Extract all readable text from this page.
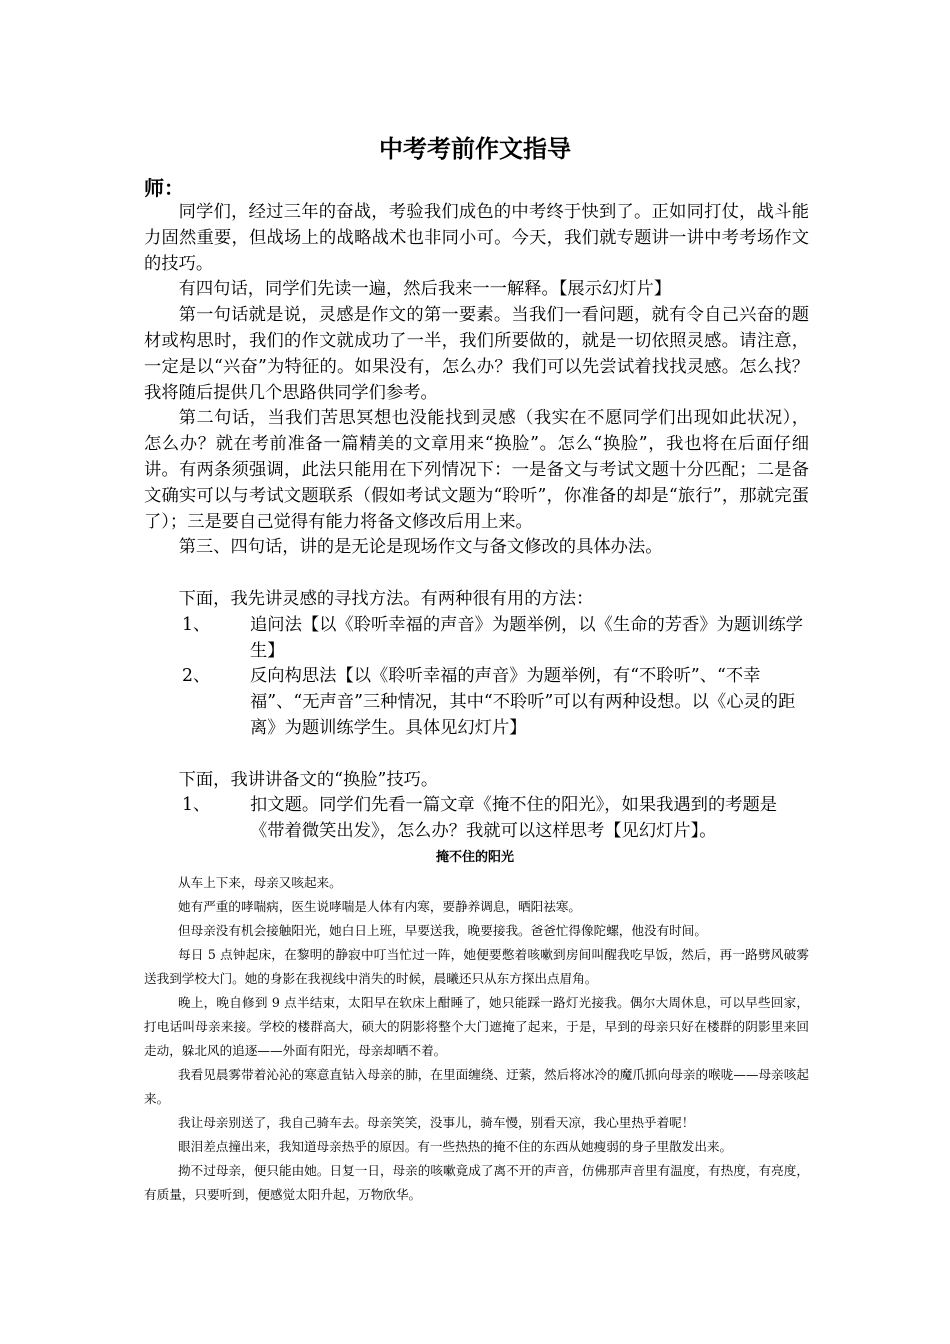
中考考前作文指导
师：

同学们，经过三年的奋战，考验我们成色的中考终于快到了。正如同打仗，战斗能力固然重要，但战场上的战略战术也非同小可。今天，我们就专题讲一讲中考考场作文的技巧。

有四句话，同学们先读一遍，然后我来一一解释。【展示幻灯片】

第一句话就是说，灵感是作文的第一要素。当我们一看问题，就有令自己兴奋的题材或构思时，我们的作文就成功了一半，我们所要做的，就是一切依照灵感。请注意，一定是以“兴奋”为特征的。如果没有，怎么办？我们可以先尝试着找找灵感。怎么找？我将随后提供几个思路供同学们参考。

第二句话，当我们苦思冥想也没能找到灵感（我实在不愿同学们出现如此状况），怎么办？就在考前准备一篇精美的文章用来“换脸”。怎么“换脸”，我也将在后面仔细讲。有两条须强调，此法只能用在下列情况下：一是备文与考试文题十分匹配；二是备文确实可以与考试文题联系（假如考试文题为“聆听”，你准备的却是“旅行”，那就完蛋了）；三是要自己觉得有能力将备文修改后用上来。

第三、四句话，讲的是无论是现场作文与备文修改的具体办法。

下面，我先讲灵感的寻找方法。有两种很有用的方法：

1、	追问法【以《聆听幸福的声音》为题举例，以《生命的芳香》为题训练学生】
2、	反向构思法【以《聆听幸福的声音》为题举例，有“不聆听”、“不幸福”、“无声音”三种情况，其中“不聆听”可以有两种设想。以《心灵的距离》为题训练学生。具体见幻灯片】

下面，我讲讲备文的“换脸”技巧。

1、	扣文题。同学们先看一篇文章《掩不住的阳光》，如果我遇到的考题是《带着微笑出发》，怎么办？我就可以这样思考【见幻灯片】。
掩不住的阳光

从车上下来，母亲又咳起来。

她有严重的哮喘病，医生说哮喘是人体有内寒，要静养调息，晒阳祛寒。

但母亲没有机会接触阳光，她白日上班，早要送我，晚要接我。爸爸忙得像陀螺，他没有时间。

每日 5 点钟起床，在黎明的静寂中叮当忙过一阵，她便要憋着咳嗽到房间叫醒我吃早饭，然后，再一路劈风破雾送我到学校大门。她的身影在我视线中消失的时候，晨曦还只从东方探出点眉角。

晚上，晚自修到 9 点半结束，太阳早在软床上酣睡了，她只能踩一路灯光接我。偶尔大周休息，可以早些回家，打电话叫母亲来接。学校的楼群高大，硕大的阴影将整个大门遮掩了起来，于是，早到的母亲只好在楼群的阴影里来回走动，躲北风的追逐——外面有阳光，母亲却晒不着。

我看见晨雾带着沁沁的寒意直钻入母亲的肺，在里面缠绕、迂萦，然后将冰冷的魔爪抓向母亲的喉咙——母亲咳起来。

我让母亲别送了，我自己骑车去。母亲笑笑，没事儿，骑车慢，别看天凉，我心里热乎着呢！

眼泪差点撞出来，我知道母亲热乎的原因。有一些热热的掩不住的东西从她瘦弱的身子里散发出来。

拗不过母亲，便只能由她。日复一日，母亲的咳嗽竟成了离不开的声音，仿佛那声音里有温度，有热度，有亮度，有质量，只要听到，便感觉太阳升起，万物欣华。
